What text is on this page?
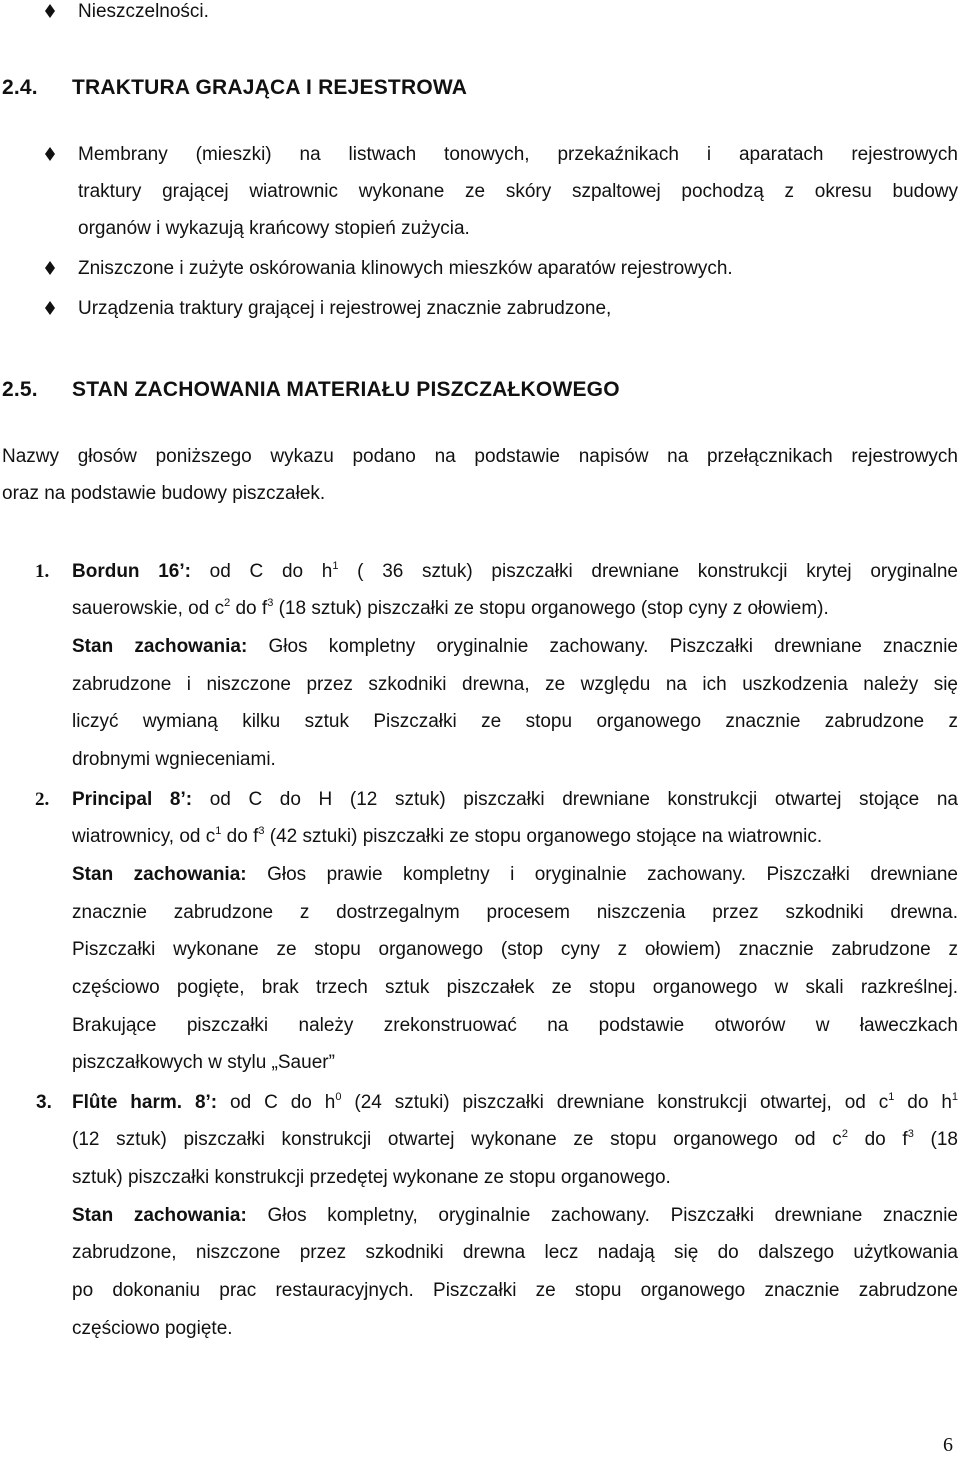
Nieszczelności.
2.4. TRAKTURA GRAJĄCA I REJESTROWA
Membrany (mieszki) na listwach tonowych, przekaźnikach i aparatach rejestrowych
traktury grającej wiatrownic wykonane ze skóry szpaltowej pochodzą z okresu budowy
organów i wykazują krańcowy stopień zużycia.
Zniszczone i zużyte oskórowania klinowych mieszków aparatów rejestrowych.
Urządzenia traktury grającej i rejestrowej znacznie zabrudzone,
2.5. STAN ZACHOWANIA MATERIAŁU PISZCZAŁKOWEGO
Nazwy głosów poniższego wykazu podano na podstawie napisów na przełącznikach rejestrowych
oraz na podstawie budowy piszczałek.
1. Bordun 16’: od C do $h^1$ ( 36 sztuk) piszczałki drewniane konstrukcji krytej oryginalne
sauerowskie, od $c^2$ do $f^3$ (18 sztuk) piszczałki ze stopu organowego (stop cyny z ołowiem).
Stan zachowania: Głos kompletny oryginalnie zachowany. Piszczałki drewniane znacznie
zabrudzone i niszczone przez szkodniki drewna, ze względu na ich uszkodzenia należy się
liczyć wymianą kilku sztuk Piszczałki ze stopu organowego znacznie zabrudzone z
drobnymi wgnieceniami.
2. Principal 8’: od C do H (12 sztuk) piszczałki drewniane konstrukcji otwartej stojące na
wiatrownicy, od $c^1$ do $f^3$ (42 sztuki) piszczałki ze stopu organowego stojące na wiatrownic.
Stan zachowania: Głos prawie kompletny i oryginalnie zachowany. Piszczałki drewniane
znacznie zabrudzone z dostrzegalnym procesem niszczenia przez szkodniki drewna.
Piszczałki wykonane ze stopu organowego (stop cyny z ołowiem) znacznie zabrudzone z
częściowo pogięte, brak trzech sztuk piszczałek ze stopu organowego w skali razkreślnej.
Brakujące piszczałki należy zrekonstruować na podstawie otworów w ławeczkach
piszczałkowych w stylu „Sauer”
3. Flûte harm. 8’: od C do $h^0$ (24 sztuki) piszczałki drewniane konstrukcji otwartej, od $c^1$ do $h^1$
(12 sztuk) piszczałki konstrukcji otwartej wykonane ze stopu organowego od $c^2$ do $f^3$ (18
sztuk) piszczałki konstrukcji przedętej wykonane ze stopu organowego.
Stan zachowania: Głos kompletny, oryginalnie zachowany. Piszczałki drewniane znacznie
zabrudzone, niszczone przez szkodniki drewna lecz nadają się do dalszego użytkowania
po dokonaniu prac restauracyjnych. Piszczałki ze stopu organowego znacznie zabrudzone
częściowo pogięte.
6
